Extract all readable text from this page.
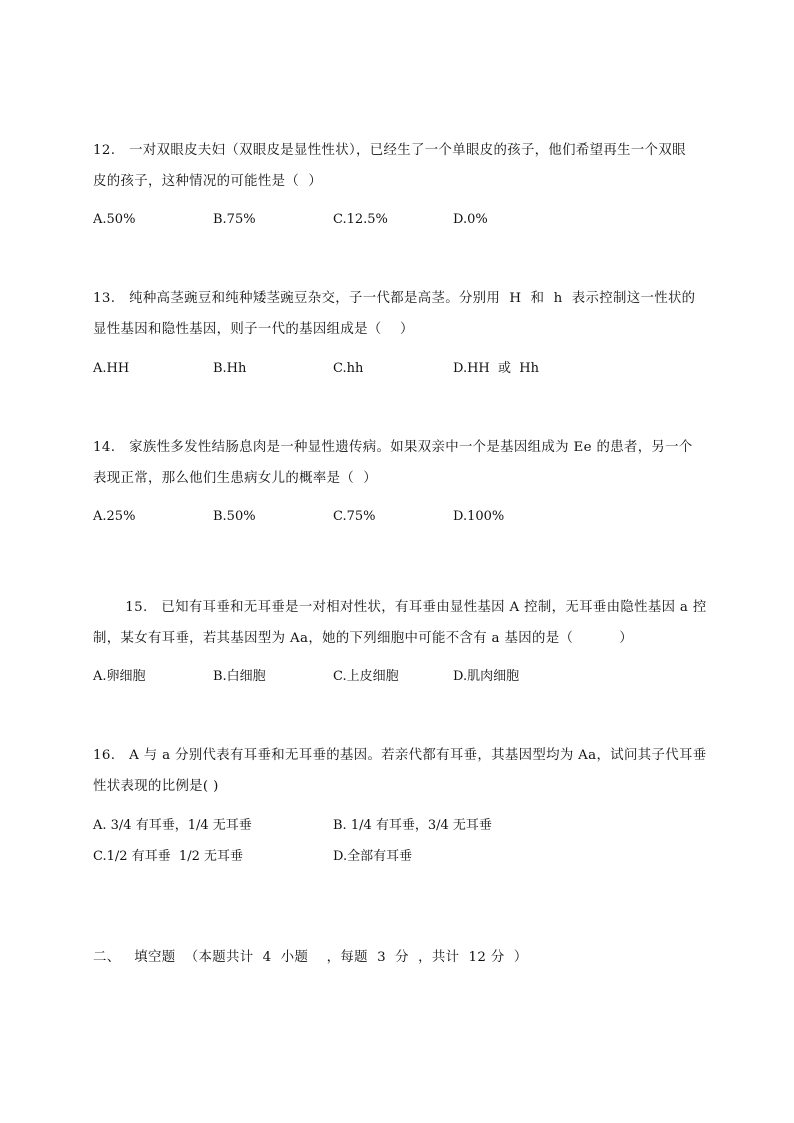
12.   一对双眼皮夫妇（双眼皮是显性性状），已经生了一个单眼皮的孩子，他们希望再生一个双眼
皮的孩子，这种情况的可能性是（  ）
A.50%	B.75%	C.12.5%	D.0%
13.   纯种高茎豌豆和纯种矮茎豌豆杂交，子一代都是高茎。分别用  H  和  h  表示控制这一性状的
显性基因和隐性基因，则子一代的基因组成是（    ）
A.HH	B.Hh	C.hh	D.HH  或  Hh
14.   家族性多发性结肠息肉是一种显性遗传病。如果双亲中一个是基因组成为 Ee 的患者，另一个
表现正常，那么他们生患病女儿的概率是（  ）
A.25%	B.50%	C.75%	D.100%
15.   已知有耳垂和无耳垂是一对相对性状，有耳垂由显性基因 A 控制，无耳垂由隐性基因 a 控
制，某女有耳垂，若其基因型为 Aa，她的下列细胞中可能不含有 a 基因的是（          ）
A.卵细胞	B.白细胞	C.上皮细胞	D.肌肉细胞
16.   A 与 a 分别代表有耳垂和无耳垂的基因。若亲代都有耳垂，其基因型均为 Aa，试问其子代耳垂
性状表现的比例是( )
A. 3/4 有耳垂，1/4 无耳垂	B. 1/4 有耳垂，3/4 无耳垂
C.1/2 有耳垂  1/2 无耳垂	D.全部有耳垂
二、   填空题  （本题共计  4  小题    ，每题  3  分  ，共计  12 分  ）
